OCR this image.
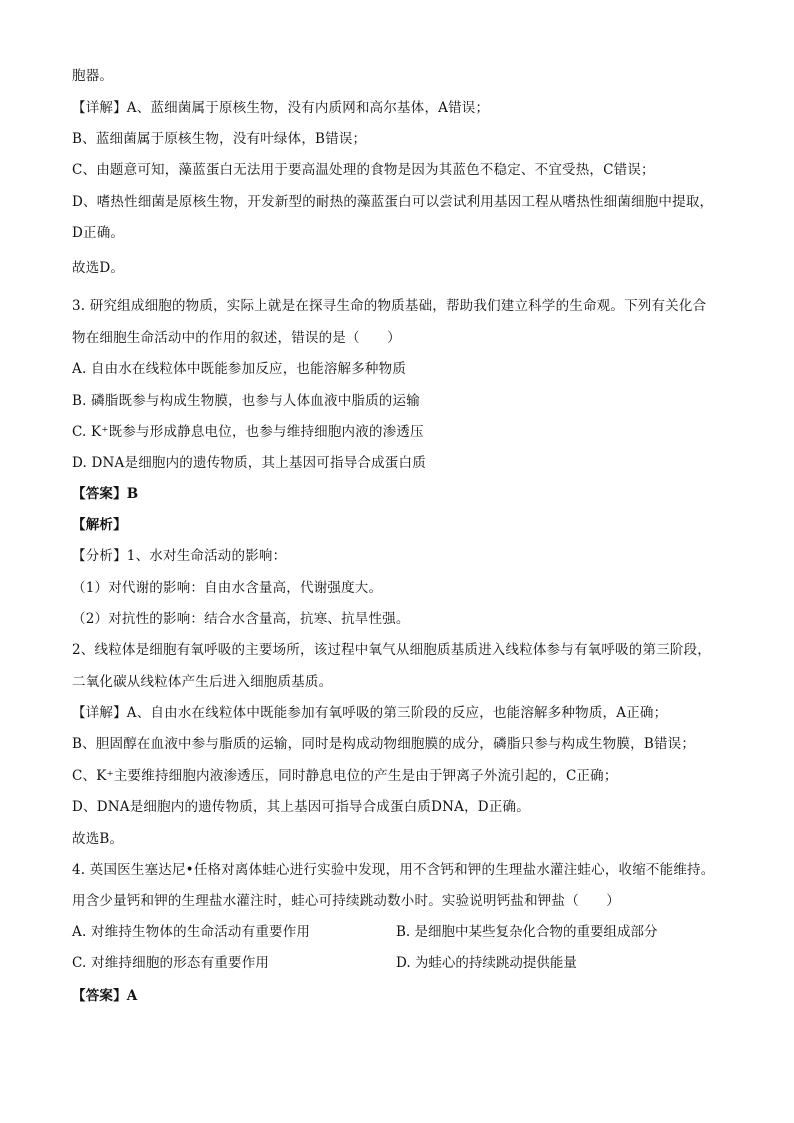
胞器。
【详解】A、蓝细菌属于原核生物，没有内质网和高尔基体，A错误；
B、蓝细菌属于原核生物，没有叶绿体，B错误；
C、由题意可知，藻蓝蛋白无法用于要高温处理的食物是因为其蓝色不稳定、不宜受热，C错误；
D、嗜热性细菌是原核生物，开发新型的耐热的藻蓝蛋白可以尝试利用基因工程从嗜热性细菌细胞中提取，
D正确。
故选D。
3. 研究组成细胞的物质，实际上就是在探寻生命的物质基础，帮助我们建立科学的生命观。下列有关化合
物在细胞生命活动中的作用的叙述，错误的是（　　）
A. 自由水在线粒体中既能参加反应，也能溶解多种物质
B. 磷脂既参与构成生物膜，也参与人体血液中脂质的运输
C. K⁺既参与形成静息电位，也参与维持细胞内液的渗透压
D. DNA是细胞内的遗传物质，其上基因可指导合成蛋白质
【答案】B
【解析】
【分析】1、水对生命活动的影响：
（1）对代谢的影响：自由水含量高，代谢强度大。
（2）对抗性的影响：结合水含量高，抗寒、抗旱性强。
2、线粒体是细胞有氧呼吸的主要场所，该过程中氧气从细胞质基质进入线粒体参与有氧呼吸的第三阶段，
二氧化碳从线粒体产生后进入细胞质基质。
【详解】A、自由水在线粒体中既能参加有氧呼吸的第三阶段的反应，也能溶解多种物质，A正确；
B、胆固醇在血液中参与脂质的运输，同时是构成动物细胞膜的成分，磷脂只参与构成生物膜，B错误；
C、K⁺主要维持细胞内液渗透压，同时静息电位的产生是由于钾离子外流引起的，C正确；
D、DNA是细胞内的遗传物质，其上基因可指导合成蛋白质DNA，D正确。
故选B。
4. 英国医生塞达尼•任格对离体蛙心进行实验中发现，用不含钙和钾的生理盐水灌注蛙心，收缩不能维持。
用含少量钙和钾的生理盐水灌注时，蛙心可持续跳动数小时。实验说明钙盐和钾盐（　　）
A. 对维持生物体的生命活动有重要作用	B. 是细胞中某些复杂化合物的重要组成部分
C. 对维持细胞的形态有重要作用	D. 为蛙心的持续跳动提供能量
【答案】A
